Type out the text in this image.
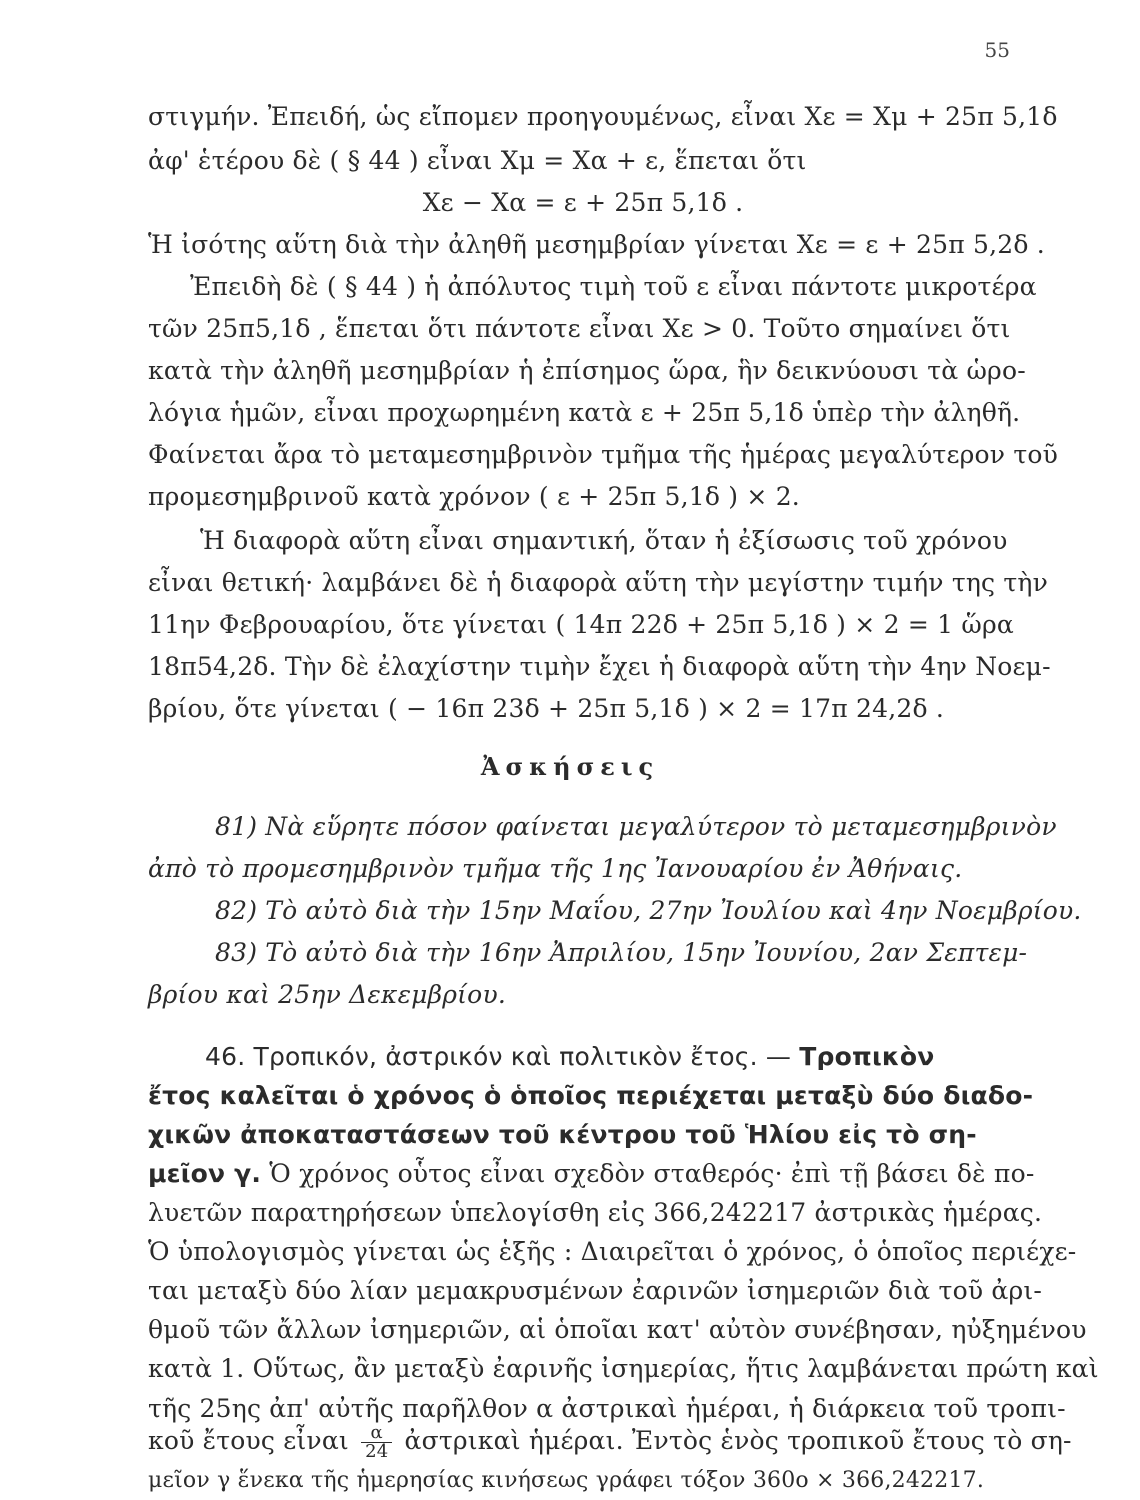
55
στιγμήν. Ἐπειδή, ὡς εἴπομεν προηγουμένως, εἶναι Xε = Xμ + 25π 5,1δ
ἀφ' ἑτέρου δὲ ( § 44 ) εἶναι Xμ = Xα + ε, ἕπεται ὅτι
Xε − Xα = ε + 25π 5,1δ .
Ἡ ἰσότης αὕτη διὰ τὴν ἀληθῆ μεσημβρίαν γίνεται Xε = ε + 25π 5,2δ .
Ἐπειδὴ δὲ ( § 44 ) ἡ ἀπόλυτος τιμὴ τοῦ ε εἶναι πάντοτε μικροτέρα
τῶν 25π5,1δ , ἕπεται ὅτι πάντοτε εἶναι Xε > 0. Τοῦτο σημαίνει ὅτι
κατὰ τὴν ἀληθῆ μεσημβρίαν ἡ ἐπίσημος ὥρα, ἣν δεικνύουσι τὰ ὡρο-
λόγια ἡμῶν, εἶναι προχωρημένη κατὰ ε + 25π 5,1δ ὑπὲρ τὴν ἀληθῆ.
Φαίνεται ἄρα τὸ μεταμεσημβρινὸν τμῆμα τῆς ἡμέρας μεγαλύτερον τοῦ
προμεσημβρινοῦ κατὰ χρόνον ( ε + 25π 5,1δ ) × 2.
Ἡ διαφορὰ αὕτη εἶναι σημαντική, ὅταν ἡ ἐξίσωσις τοῦ χρόνου
εἶναι θετική· λαμβάνει δὲ ἡ διαφορὰ αὕτη τὴν μεγίστην τιμήν της τὴν
11ην Φεβρουαρίου, ὅτε γίνεται ( 14π 22δ + 25π 5,1δ ) × 2 = 1 ὥρα
18π54,2δ. Τὴν δὲ ἐλαχίστην τιμὴν ἔχει ἡ διαφορὰ αὕτη τὴν 4ην Νοεμ-
βρίου, ὅτε γίνεται ( − 16π 23δ + 25π 5,1δ ) × 2 = 17π 24,2δ .
Ἀσκήσεις
81) Νὰ εὕρητε πόσον φαίνεται μεγαλύτερον τὸ μεταμεσημβρινὸν
ἀπὸ τὸ προμεσημβρινὸν τμῆμα τῆς 1ης Ἰανουαρίου ἐν Ἀθήναις.
82) Τὸ αὐτὸ διὰ τὴν 15ην Μαΐου, 27ην Ἰουλίου καὶ 4ην Νοεμβρίου.
83) Τὸ αὐτὸ διὰ τὴν 16ην Ἀπριλίου, 15ην Ἰουνίου, 2αν Σεπτεμ-
βρίου καὶ 25ην Δεκεμβρίου.
46. Τροπικόν, ἀστρικόν καὶ πολιτικὸν ἔτος. — Τροπικὸν
ἔτος καλεῖται ὁ χρόνος ὁ ὁποῖος περιέχεται μεταξὺ δύο διαδο-
χικῶν ἀποκαταστάσεων τοῦ κέντρου τοῦ Ἡλίου εἰς τὸ ση-
μεῖον γ. Ὁ χρόνος οὗτος εἶναι σχεδὸν σταθερός· ἐπὶ τῇ βάσει δὲ πο-
λυετῶν παρατηρήσεων ὑπελογίσθη εἰς 366,242217 ἀστρικὰς ἡμέρας.
Ὁ ὑπολογισμὸς γίνεται ὡς ἑξῆς : Διαιρεῖται ὁ χρόνος, ὁ ὁποῖος περιέχε-
ται μεταξὺ δύο λίαν μεμακρυσμένων ἐαρινῶν ἰσημεριῶν διὰ τοῦ ἀρι-
θμοῦ τῶν ἄλλων ἰσημεριῶν, αἱ ὁποῖαι κατ' αὐτὸν συνέβησαν, ηὐξημένου
κατὰ 1. Οὕτως, ἂν μεταξὺ ἐαρινῆς ἰσημερίας, ἥτις λαμβάνεται πρώτη καὶ
τῆς 25ης ἀπ' αὐτῆς παρῆλθον α ἀστρικαὶ ἡμέραι, ἡ διάρκεια τοῦ τροπι-
κοῦ ἔτους εἶναι $\frac{\alpha}{24}$ ἀστρικαὶ ἡμέραι. Ἐντὸς ἑνὸς τροπικοῦ ἔτους τὸ ση-
μεῖον γ ἕνεκα τῆς ἡμερησίας κινήσεως γράφει τόξον 360ο × 366,242217.
